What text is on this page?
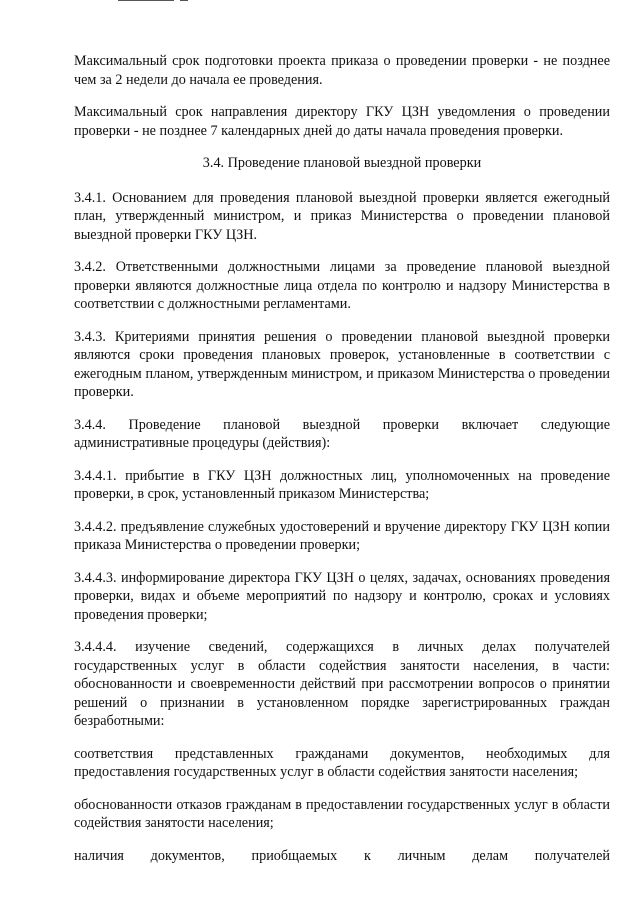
Максимальный срок подготовки проекта приказа о проведении проверки - не позднее чем за 2 недели до начала ее проведения.

Максимальный срок направления директору ГКУ ЦЗН уведомления о проведении проверки - не позднее 7 календарных дней до даты начала проведения проверки.

3.4. Проведение плановой выездной проверки

3.4.1. Основанием для проведения плановой выездной проверки является ежегодный план, утвержденный министром, и приказ Министерства о проведении плановой выездной проверки ГКУ ЦЗН.

3.4.2. Ответственными должностными лицами за проведение плановой выездной проверки являются должностные лица отдела по контролю и надзору Министерства в соответствии с должностными регламентами.

3.4.3. Критериями принятия решения о проведении плановой выездной проверки являются сроки проведения плановых проверок, установленные в соответствии с ежегодным планом, утвержденным министром, и приказом Министерства о проведении проверки.

3.4.4. Проведение плановой выездной проверки включает следующие административные процедуры (действия):

3.4.4.1. прибытие в ГКУ ЦЗН должностных лиц, уполномоченных на проведение проверки, в срок, установленный приказом Министерства;

3.4.4.2. предъявление служебных удостоверений и вручение директору ГКУ ЦЗН копии приказа Министерства о проведении проверки;

3.4.4.3. информирование директора ГКУ ЦЗН о целях, задачах, основаниях проведения проверки, видах и объеме мероприятий по надзору и контролю, сроках и условиях проведения проверки;

3.4.4.4. изучение сведений, содержащихся в личных делах получателей государственных услуг в области содействия занятости населения, в части: обоснованности и своевременности действий при рассмотрении вопросов о принятии решений о признании в установленном порядке зарегистрированных граждан безработными:

соответствия представленных гражданами документов, необходимых для предоставления государственных услуг в области содействия занятости населения;

обоснованности отказов гражданам в предоставлении государственных услуг в области содействия занятости населения;

наличия документов, приобщаемых к личным делам получателей
